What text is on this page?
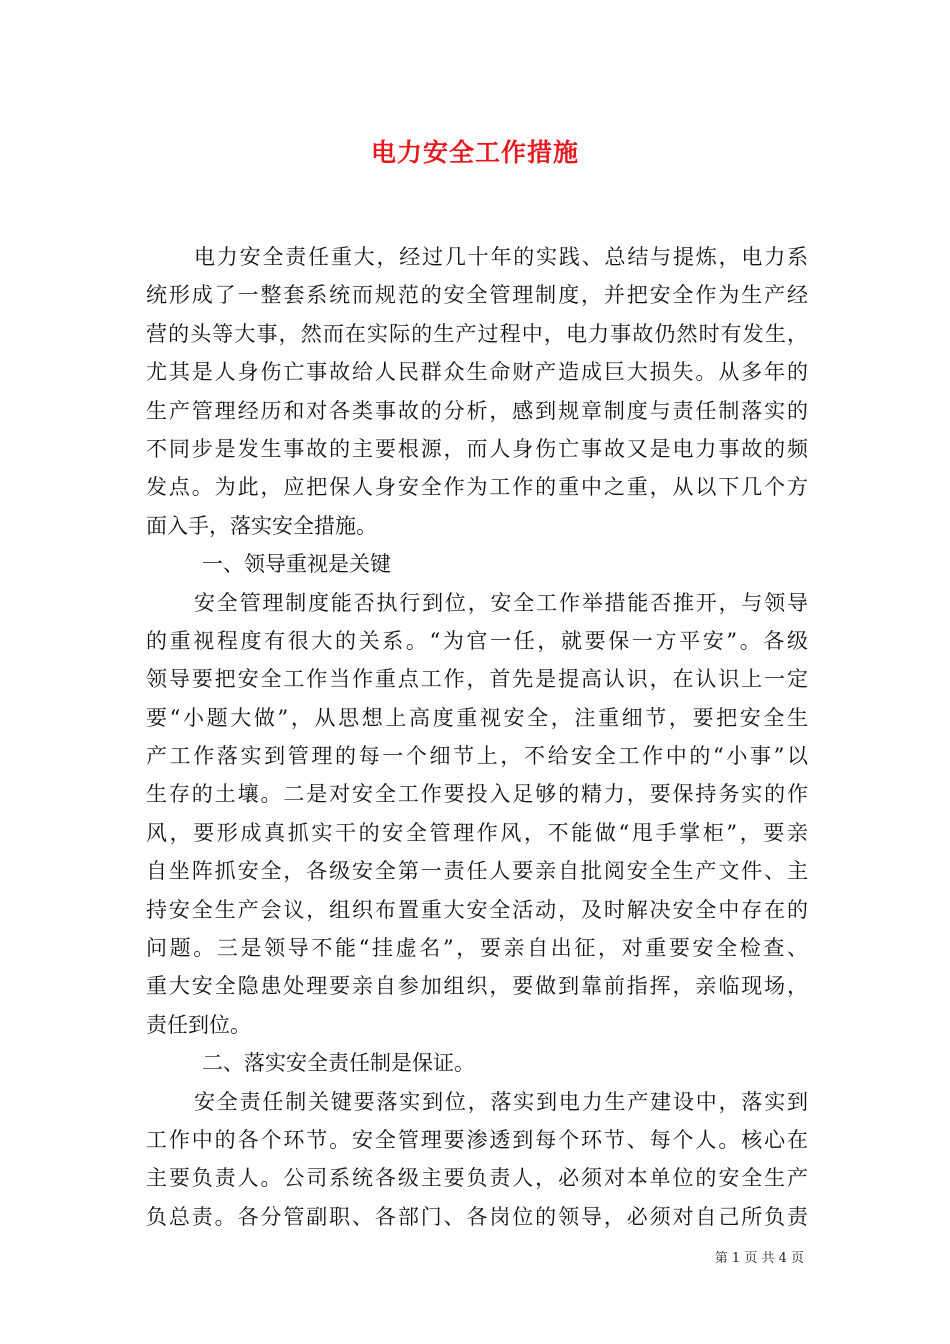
电力安全工作措施
电力安全责任重大，经过几十年的实践、总结与提炼，电力系
统形成了一整套系统而规范的安全管理制度，并把安全作为生产经
营的头等大事，然而在实际的生产过程中，电力事故仍然时有发生，
尤其是人身伤亡事故给人民群众生命财产造成巨大损失。从多年的
生产管理经历和对各类事故的分析，感到规章制度与责任制落实的
不同步是发生事故的主要根源，而人身伤亡事故又是电力事故的频
发点。为此，应把保人身安全作为工作的重中之重，从以下几个方
面入手，落实安全措施。
一、领导重视是关键
安全管理制度能否执行到位，安全工作举措能否推开，与领导
的重视程度有很大的关系。“为官一任，就要保一方平安”。各级
领导要把安全工作当作重点工作，首先是提高认识，在认识上一定
要“小题大做”，从思想上高度重视安全，注重细节，要把安全生
产工作落实到管理的每一个细节上，不给安全工作中的“小事”以
生存的土壤。二是对安全工作要投入足够的精力，要保持务实的作
风，要形成真抓实干的安全管理作风，不能做“甩手掌柜”，要亲
自坐阵抓安全，各级安全第一责任人要亲自批阅安全生产文件、主
持安全生产会议，组织布置重大安全活动，及时解决安全中存在的
问题。三是领导不能“挂虚名”，要亲自出征，对重要安全检查、
重大安全隐患处理要亲自参加组织，要做到靠前指挥，亲临现场，
责任到位。
二、落实安全责任制是保证。
安全责任制关键要落实到位，落实到电力生产建设中，落实到
工作中的各个环节。安全管理要渗透到每个环节、每个人。核心在
主要负责人。公司系统各级主要负责人，必须对本单位的安全生产
负总责。各分管副职、各部门、各岗位的领导，必须对自己所负责

第 1 页 共 4 页
